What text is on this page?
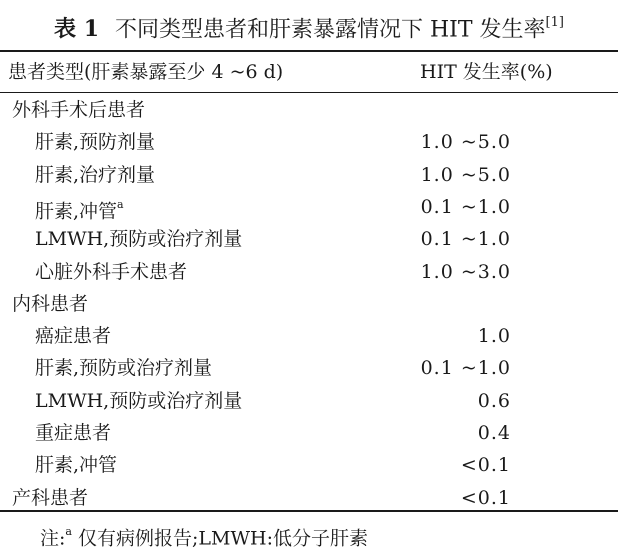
表 1 不同类型患者和肝素暴露情况下 HIT 发生率[1]
患者类型(肝素暴露至少 4 ~6 d)	HIT 发生率(%)
外科手术后患者
肝素,预防剂量	1.0 ~5.0
肝素,治疗剂量	1.0 ~5.0
肝素,冲管$^a$	0.1 ~1.0
LMWH,预防或治疗剂量	0.1 ~1.0
心脏外科手术患者	1.0 ~3.0
内科患者
癌症患者	1.0
肝素,预防或治疗剂量	0.1 ~1.0
LMWH,预防或治疗剂量	0.6
重症患者	0.4
肝素,冲管	<0.1
产科患者	<0.1
注:$^a$ 仅有病例报告;LMWH:低分子肝素
